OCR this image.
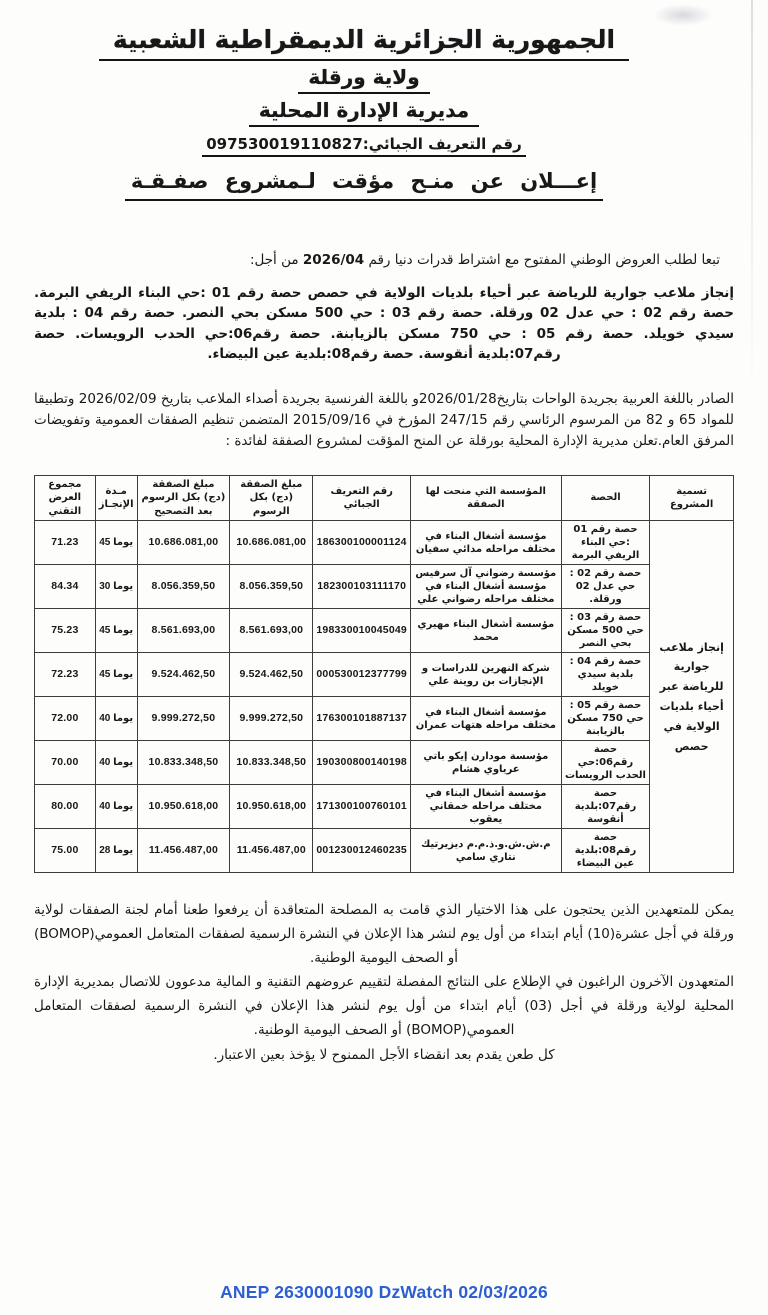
الجمهورية الجزائرية الديمقراطية الشعبية
ولاية ورقلة
مديرية الإدارة المحلية
رقم التعريف الجبائي:097530019110827
إعـــلان عن منـح مؤقت لـمشروع صفـقـة

تبعا لطلب العروض الوطني المفتوح مع اشتراط قدرات دنيا رقم 2026/04 من أجل:

إنجاز ملاعب جوارية للرياضة عبر أحياء بلديات الولاية في حصص حصة رقم 01 :حي البناء الريفي البرمة. حصة رقم 02 : حي عدل 02 ورقلة. حصة رقم 03 : حي 500 مسكن بحي النصر. حصة رقم 04 : بلدية سيدي خويلد. حصة رقم 05 : حي 750 مسكن بالزيابنة. حصة رقم06:حي الحدب الرويسات. حصة رقم07:بلدية أنقوسة. حصة رقم08:بلدية عين البيضاء.

الصادر باللغة العربية بجريدة الواحات بتاريخ2026/01/28و باللغة الفرنسية بجريدة أصداء الملاعب بتاريخ 2026/02/09 وتطبيقا للمواد 65 و 82 من المرسوم الرئاسي رقم 247/15 المؤرخ في 2015/09/16 المتضمن تنظيم الصفقات العمومية وتفويضات المرفق العام.تعلن مديرية الإدارة المحلية بورقلة عن المنح المؤقت لمشروع الصفقة لفائدة :

تسمية المشروع	الحصة	المؤسسة التي منحت لها الصفقة	رقم التعريف الجبائي	مبلغ الصفقة (دج) بكل الرسوم	مبلغ الصفقة (دج) بكل الرسوم بعد التصحيح	مـدة الإنجـاز	مجموع العرض التقني
إنجاز ملاعب جوارية للرياضة عبر أحياء بلديات الولاية في حصص	حصة رقم 01 :حي البناء الريفي البرمة	مؤسسة أشغال البناء في مختلف مراحله مدائي سفيان	186300100001124	10.686.081,00	10.686.081,00	45 يوما	71.23
	حصة رقم 02 : حي عدل 02 ورقلة.	مؤسسة رضواني آل سرفيس مؤسسة أشغال البناء في مختلف مراحله رضواني علي	182300103111170	8.056.359,50	8.056.359,50	30 يوما	84.34
	حصة رقم 03 : حي 500 مسكن بحي النصر	مؤسسة أشغال البناء مهيري محمد	198330010045049	8.561.693,00	8.561.693,00	45 يوما	75.23
	حصة رقم 04 : بلدية سيدي خويلد	شركة النهرين للدراسات و الإنجازات بن روينة علي	000530012377799	9.524.462,50	9.524.462,50	45 يوما	72.23
	حصة رقم 05 : حي 750 مسكن بالزيابنة	مؤسسة أشغال البناء في مختلف مراحله هتهات عمران	176300101887137	9.999.272,50	9.999.272,50	40 يوما	72.00
	حصة رقم06:حي الحدب الرويسات	مؤسسة مودارن إيكو باتي عرياوي هشام	190300800140198	10.833.348,50	10.833.348,50	40 يوما	70.00
	حصة رقم07:بلدية أنقوسة	مؤسسة أشغال البناء في مختلف مراحله خمقاني يعقوب	171300100760101	10.950.618,00	10.950.618,00	40 يوما	80.00
	حصة رقم08:بلدية عين البيضاء	م.ش.ش.و.ذ.م.م ديزيرتيك نتاري سامي	001230012460235	11.456.487,00	11.456.487,00	28 يوما	75.00

يمكن للمتعهدين الذين يحتجون على هذا الاختيار الذي قامت به المصلحة المتعاقدة أن يرفعوا طعنا أمام لجنة الصفقات لولاية ورقلة في أجل عشرة(10) أيام ابتداء من أول يوم لنشر هذا الإعلان في النشرة الرسمية لصفقات المتعامل العمومي(BOMOP) أو الصحف اليومية الوطنية.

المتعهدون الآخرون الراغبون في الإطلاع على النتائج المفصلة لتقييم عروضهم التقنية و المالية مدعوون للاتصال بمديرية الإدارة المحلية لولاية ورقلة في أجل (03) أيام ابتداء من أول يوم لنشر هذا الإعلان في النشرة الرسمية لصفقات المتعامل العمومي(BOMOP) أو الصحف اليومية الوطنية.

كل طعن يقدم بعد انقضاء الأجل الممنوح لا يؤخذ بعين الاعتبار.

ANEP 2630001090 DzWatch 02/03/2026
